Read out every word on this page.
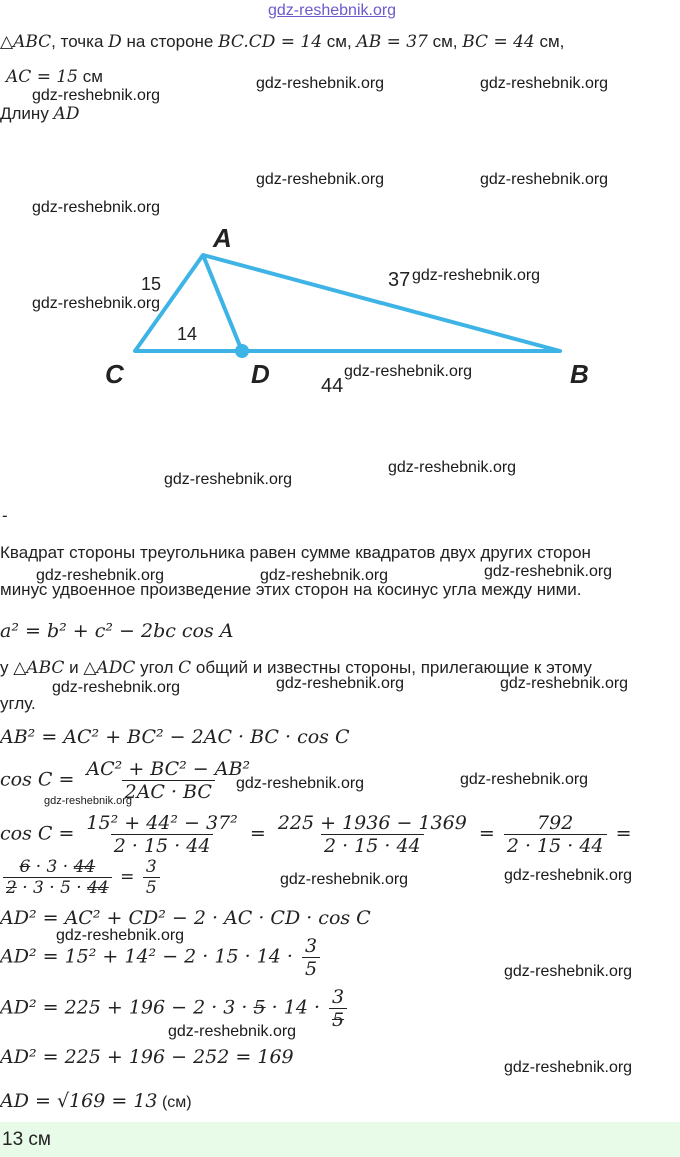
gdz-reshebnik.org
△ABC, точка D на стороне BC.CD = 14 см, AB = 37 см, BC = 44 см,
AC = 15 см
Длину AD
A
C	D	B
15
14
37
44
-
Квадрат стороны треугольника равен сумме квадратов двух других сторон
минус удвоенное произведение этих сторон на косинус угла между ними.
a² = b² + c² − 2bc cos A
у △ABC и △ADC угол C общий и известны стороны, прилегающие к этому
углу.
AB² = AC² + BC² − 2AC · BC · cos C
$\cos C = \frac{\text{AC² + BC² − AB²}}{2AC \cdot BC}$
$\cos C = \frac{\text{15² + 44² − 37²}}{2 \cdot 15 \cdot 44} = \frac{225 + 1936 - 1369}{2 \cdot 15 \cdot 44} = \frac{792}{2 \cdot 15 \cdot 44}$ =
$\frac{6 \cdot 3 \cdot 44}{2 \cdot 3 \cdot 5 \cdot 44} = \frac{3}{5}$
AD² = AC² + CD² − 2 · AC · CD · cos C
$AD^2 = 15^2 + 14^2 - 2 \cdot 15 \cdot 14 \cdot \frac{3}{5}$
$AD^2 = 225 + 196 - 2 \cdot 3 \cdot 5 \cdot 14 \cdot \frac{3}{5}$
AD² = 225 + 196 − 252 = 169
AD = √169 = 13 (см)
13 см
gdz-reshebnik.org
gdz-reshebnik.org	gdz-reshebnik.org
gdz-reshebnik.org	gdz-reshebnik.org
gdz-reshebnik.org
gdz-reshebnik.org
gdz-reshebnik.org
gdz-reshebnik.org
gdz-reshebnik.org
gdz-reshebnik.org
gdz-reshebnik.org	gdz-reshebnik.org	gdz-reshebnik.org
gdz-reshebnik.org	gdz-reshebnik.org	gdz-reshebnik.org
gdz-reshebnik.org	gdz-reshebnik.org
gdz-reshebnik.org
gdz-reshebnik.org	gdz-reshebnik.org
gdz-reshebnik.org
gdz-reshebnik.org
gdz-reshebnik.org
gdz-reshebnik.org
